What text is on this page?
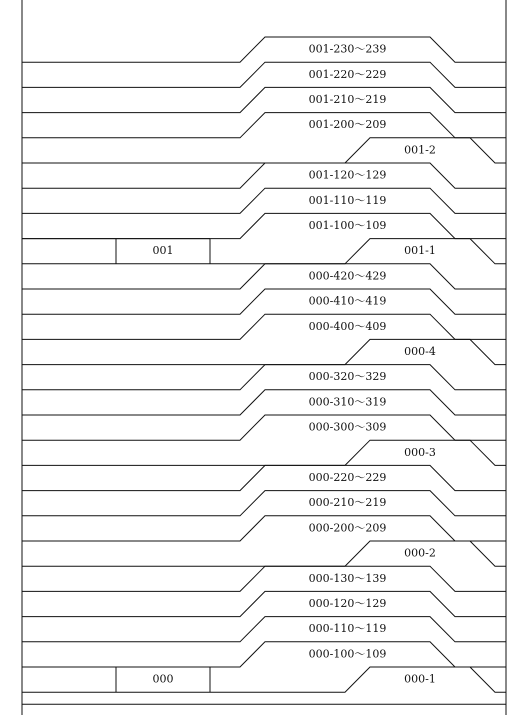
001-230～239
001-220～229
001-210～219
001-200～209
001-2
001-120～129
001-110～119
001-100～109
001-1
001
000-420～429
000-410～419
000-400～409
000-4
000-320～329
000-310～319
000-300～309
000-3
000-220～229
000-210～219
000-200～209
000-2
000-130～139
000-120～129
000-110～119
000-100～109
000-1
000
